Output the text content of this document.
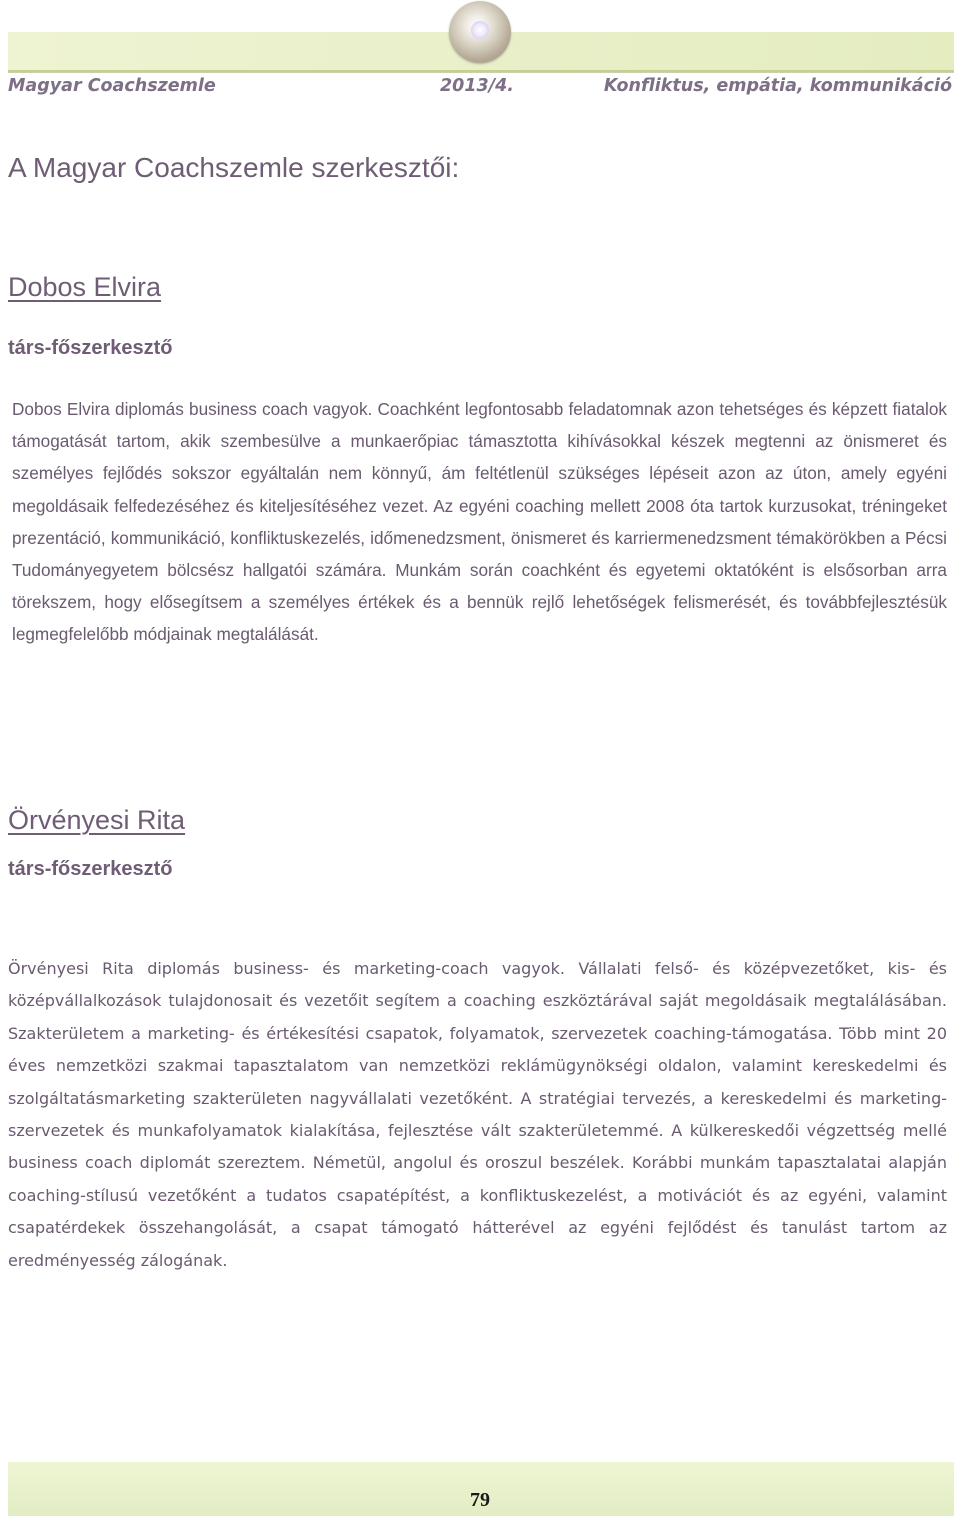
Magyar Coachszemle	2013/4.	Konfliktus, empátia, kommunikáció
A Magyar Coachszemle szerkesztői:
Dobos Elvira
társ-főszerkesztő

Dobos Elvira diplomás business coach vagyok. Coachként legfontosabb feladatomnak azon tehetséges és képzett fiatalok támogatását tartom, akik szembesülve a munkaerőpiac támasztotta kihívásokkal készek megtenni az önismeret és személyes fejlődés sokszor egyáltalán nem könnyű, ám feltétlenül szükséges lépéseit azon az úton, amely egyéni megoldásaik felfedezéséhez és kiteljesítéséhez vezet. Az egyéni coaching mellett 2008 óta tartok kurzusokat, tréningeket prezentáció, kommunikáció, konfliktuskezelés, időmenedzsment, önismeret és karriermenedzsment témakörökben a Pécsi Tudományegyetem bölcsész hallgatói számára. Munkám során coachként és egyetemi oktatóként is elsősorban arra törekszem, hogy elősegítsem a személyes értékek és a bennük rejlő lehetőségek felismerését, és továbbfejlesztésük legmegfelelőbb módjainak megtalálását.

Örvényesi Rita
társ-főszerkesztő

Örvényesi Rita diplomás business- és marketing-coach vagyok. Vállalati felső- és középvezetőket, kis- és középvállalkozások tulajdonosait és vezetőit segítem a coaching eszköztárával saját megoldásaik megtalálásában. Szakterületem a marketing- és értékesítési csapatok, folyamatok, szervezetek coaching-támogatása. Több mint 20 éves nemzetközi szakmai tapasztalatom van nemzetközi reklámügynökségi oldalon, valamint kereskedelmi és szolgáltatásmarketing szakterületen nagyvállalati vezetőként. A stratégiai tervezés, a kereskedelmi és marketing-szervezetek és munkafolyamatok kialakítása, fejlesztése vált szakterületemmé. A külkereskedői végzettség mellé business coach diplomát szereztem. Németül, angolul és oroszul beszélek. Korábbi munkám tapasztalatai alapján coaching-stílusú vezetőként a tudatos csapatépítést, a konfliktuskezelést, a motivációt és az egyéni, valamint csapatérdekek összehangolását, a csapat támogató hátterével az egyéni fejlődést és tanulást tartom az eredményesség zálogának.

79
